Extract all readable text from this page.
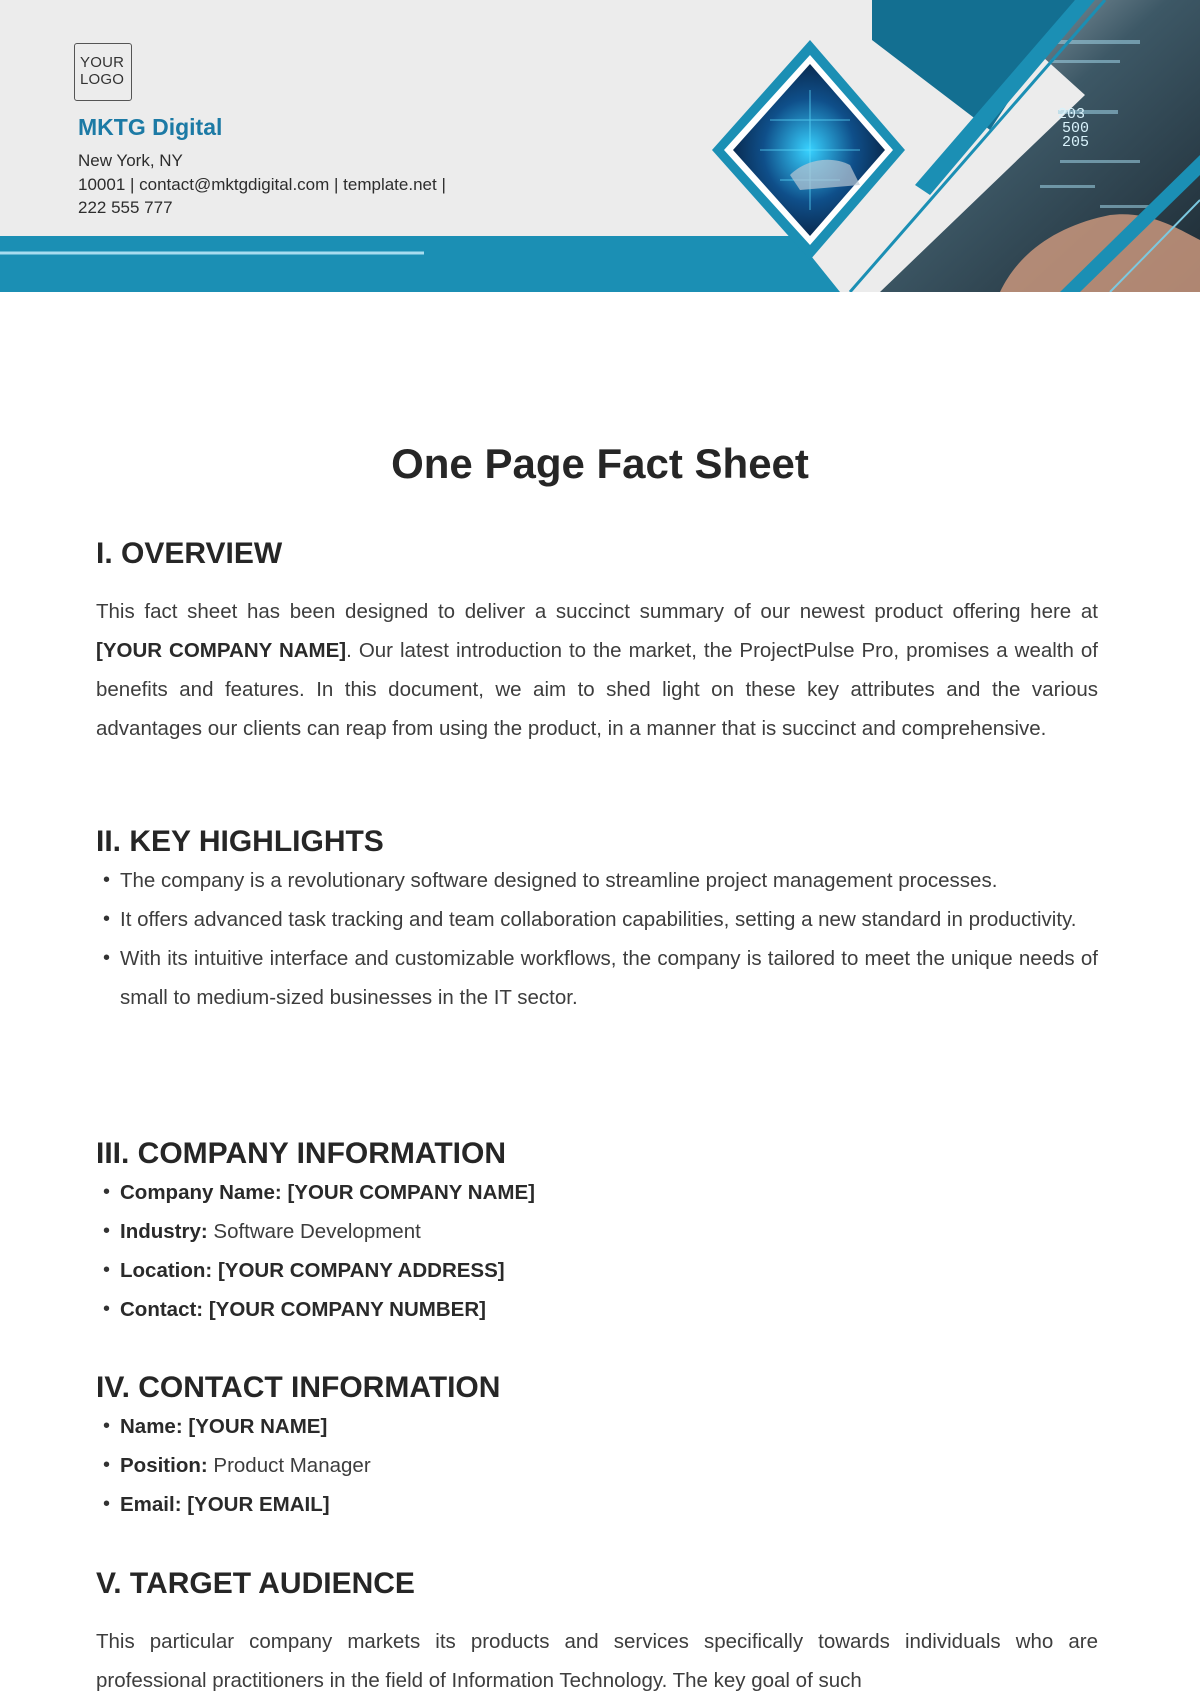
203
500
205
YOUR LOGO
MKTG Digital
New York, NY
10001 | contact@mktgdigital.com | template.net |
222 555 777
One Page Fact Sheet
I. OVERVIEW

This fact sheet has been designed to deliver a succinct summary of our newest product offering here at [YOUR COMPANY NAME]. Our latest introduction to the market, the ProjectPulse Pro, promises a wealth of benefits and features. In this document, we aim to shed light on these key attributes and the various advantages our clients can reap from using the product, in a manner that is succinct and comprehensive.

II. KEY HIGHLIGHTS
• The company is a revolutionary software designed to streamline project management processes.
• It offers advanced task tracking and team collaboration capabilities, setting a new standard in productivity.
• With its intuitive interface and customizable workflows, the company is tailored to meet the unique needs of small to medium-sized businesses in the IT sector.
III. COMPANY INFORMATION
• Company Name: [YOUR COMPANY NAME]
• Industry: Software Development
• Location: [YOUR COMPANY ADDRESS]
• Contact: [YOUR COMPANY NUMBER]
IV. CONTACT INFORMATION
• Name: [YOUR NAME]
• Position: Product Manager
• Email: [YOUR EMAIL]
V. TARGET AUDIENCE

This particular company markets its products and services specifically towards individuals who are professional practitioners in the field of Information Technology. The key goal of such
